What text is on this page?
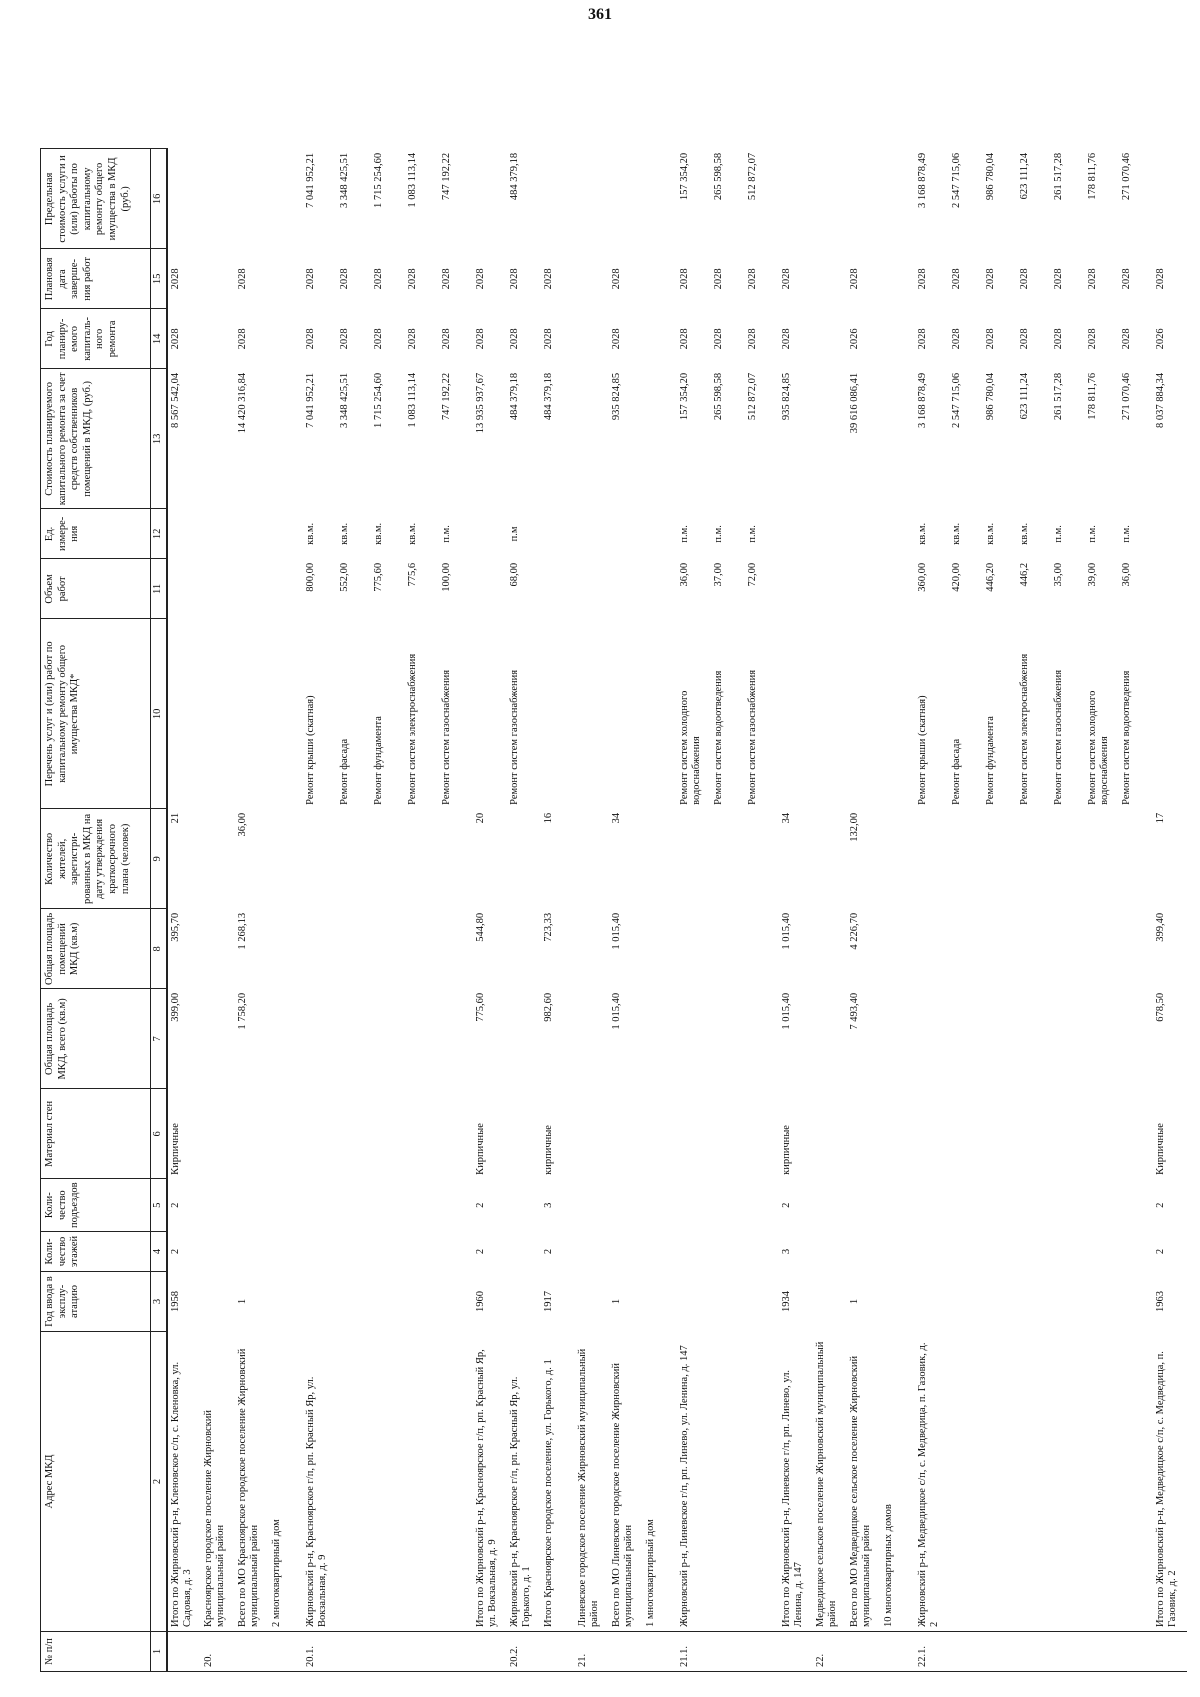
361
№ п/п	Адрес МКД	Год ввода в эксплу-атацию	Коли-чество этажей	Коли-чество подъездов	Материал стен	Общая площадь МКД, всего (кв.м)	Общая площадь помещений МКД (кв.м)	Количество жителей, зарегистри-рованных в МКД на дату утверждения краткосрочного плана (человек)	Перечень услуг и (или) работ по капитальному ремонту общего имущества МКД*	Объем работ	Ед. измере-ния	Стоимость планируемого капитального ремонта за счет средств собственников помещений в МКД, (руб.)	Год планиру-емого капиталь-ного ремонта	Плановая дата заверше-ния работ	Предельная стоимость услуги и (или) работы по капитальному ремонту общего имущества в МКД (руб.)
1	2	3	4	5	6	7	8	9	10	11	12	13	14	15	16
	Итого по Жирновский р-н, Кленовское с/п, с. Кленовка, ул. Садовая, д. 3	1958	2	2	Кирпичные	399,00	395,70	21				8 567 542,04	2028	2028	
20.	Красноярское городское поселение Жирновский муниципальный район														
	Всего по МО Красноярское городское поселение Жирновский муниципальный район	1				1 758,20	1 268,13	36,00				14 420 316,84	2028	2028	
	2 многоквартирный дом														
20.1.	Жирновский р-н, Красноярское г/п, рп. Красный Яр, ул. Вокзальная, д. 9								Ремонт крыши (скатная)	800,00	кв.м.	7 041 952,21	2028	2028	7 041 952,21
									Ремонт фасада	552,00	кв.м.	3 348 425,51	2028	2028	3 348 425,51
									Ремонт фундамента	775,60	кв.м.	1 715 254,60	2028	2028	1 715 254,60
									Ремонт систем электроснабжения	775,6	кв.м.	1 083 113,14	2028	2028	1 083 113,14
									Ремонт систем газоснабжения	100,00	п.м.	747 192,22	2028	2028	747 192,22
	Итого по Жирновский р-н, Красноярское г/п, рп. Красный Яр, ул. Вокзальная, д. 9	1960	2	2	Кирпичные	775,60	544,80	20				13 935 937,67	2028	2028	
20.2.	Жирновский р-н, Красноярское г/п, рп. Красный Яр, ул. Горького, д. 1								Ремонт систем газоснабжения	68,00	п.м	484 379,18	2028	2028	484 379,18
	Итого Красноярское городское поселение, ул. Горького, д. 1	1917	2	3	кирпичные	982,60	723,33	16				484 379,18	2028	2028	
21.	Линевское городское поселение Жирновский муниципальный район														
	Всего по МО Линевское городское поселение Жирновский муниципальный район	1				1 015,40	1 015,40	34				935 824,85	2028	2028	
	1 многоквартирный дом														
21.1.	Жирновский р-н, Линевское г/п, рп. Линево, ул. Ленина, д. 147								Ремонт систем холодного водоснабжения	36,00	п.м.	157 354,20	2028	2028	157 354,20
									Ремонт систем водоотведения	37,00	п.м.	265 598,58	2028	2028	265 598,58
									Ремонт систем газоснабжения	72,00	п.м.	512 872,07	2028	2028	512 872,07
	Итого по Жирновский р-н, Линевское г/п, рп. Линево, ул. Ленина, д. 147	1934	3	2	кирпичные	1 015,40	1 015,40	34				935 824,85	2028	2028	
22.	Медведицкое сельское поселение Жирновский муниципальный район														
	Всего по МО Медведицкое сельское поселение Жирновский муниципальный район	1				7 493,40	4 226,70	132,00				39 616 086,41	2026	2028	
	10 многоквартирных домов														
22.1.	Жирновский р-н, Медведицкое с/п, с. Медведица, п. Газовик, д. 2								Ремонт крыши (скатная)	360,00	кв.м.	3 168 878,49	2028	2028	3 168 878,49
									Ремонт фасада	420,00	кв.м.	2 547 715,06	2028	2028	2 547 715,06
									Ремонт фундамента	446,20	кв.м.	986 780,04	2028	2028	986 780,04
									Ремонт систем электроснабжения	446,2	кв.м.	623 111,24	2028	2028	623 111,24
									Ремонт систем газоснабжения	35,00	п.м.	261 517,28	2028	2028	261 517,28
									Ремонт систем холодного водоснабжения	39,00	п.м.	178 811,76	2028	2028	178 811,76
									Ремонт систем водоотведения	36,00	п.м.	271 070,46	2028	2028	271 070,46
	Итого по Жирновский р-н, Медведицкое с/п, с. Медведица, п. Газовик, д. 2	1963	2	2	Кирпичные	678,50	399,40	17				8 037 884,34	2026	2028	
